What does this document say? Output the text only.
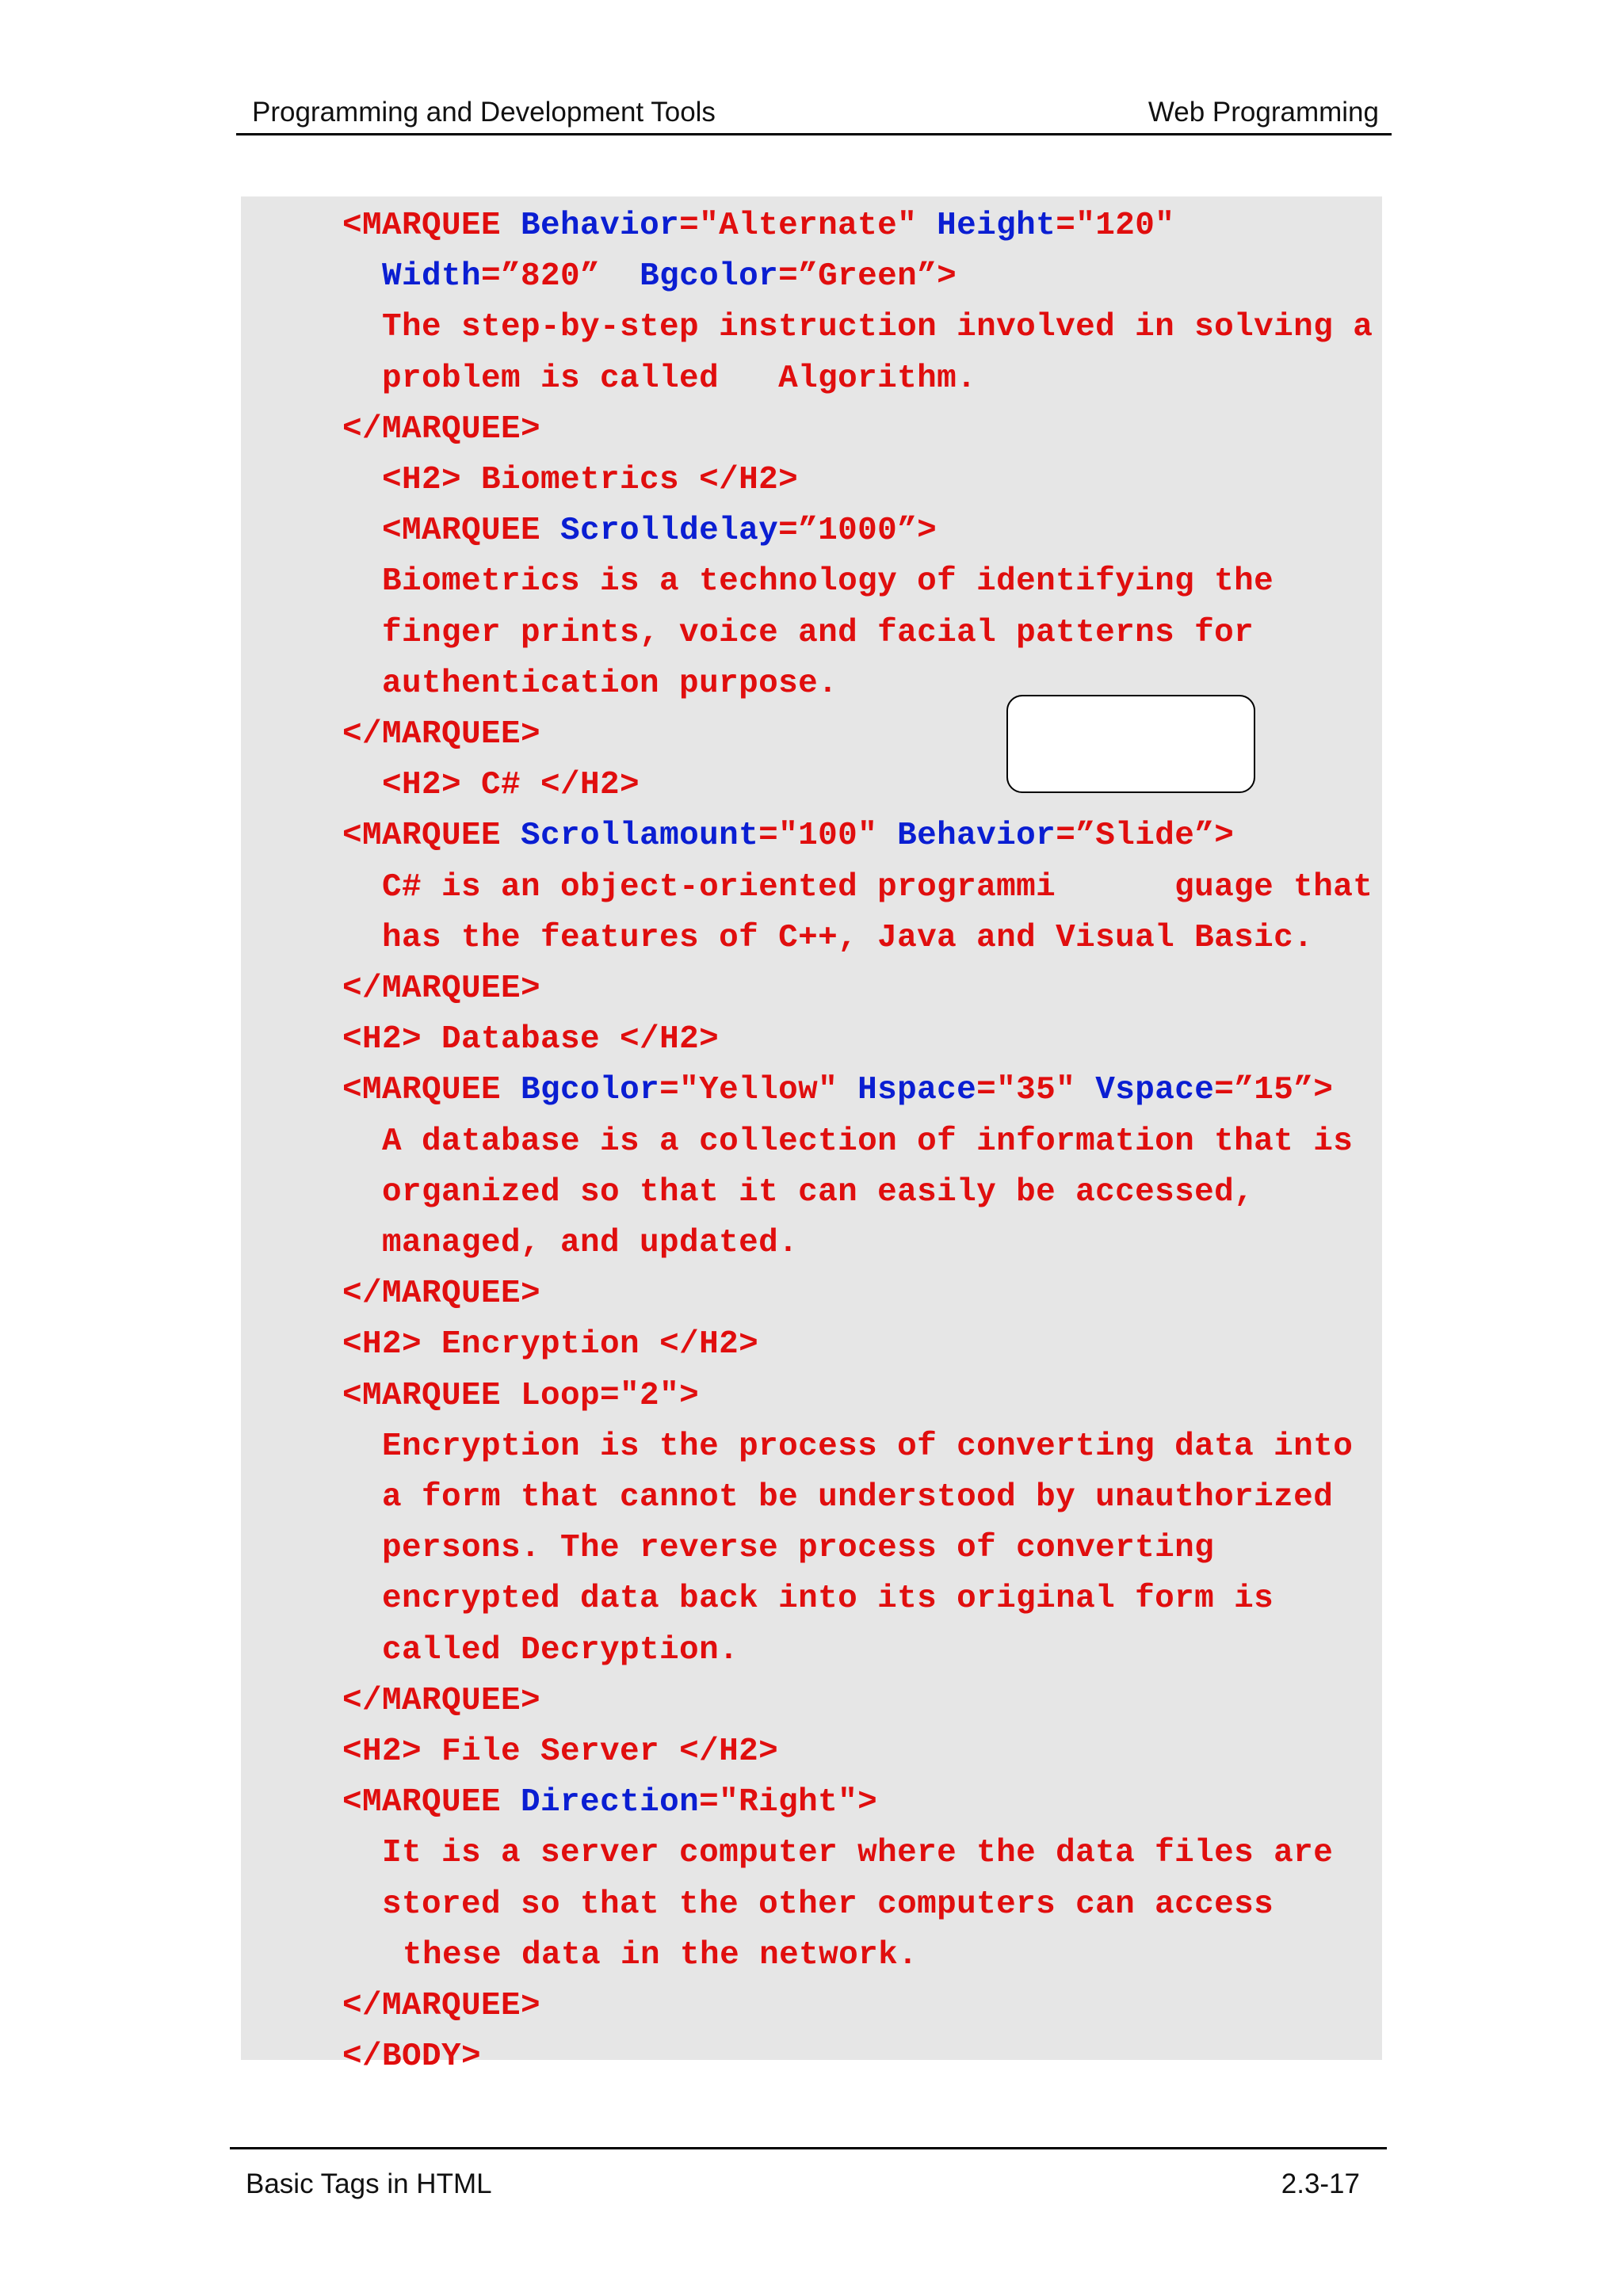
Programming and Development Tools	Web Programming
<MARQUEE Behavior="Alternate" Height="120"
Width=”820”  Bgcolor=”Green”>
The step-by-step instruction involved in solving a
problem is called   Algorithm.
</MARQUEE>
<H2> Biometrics </H2>
<MARQUEE Scrolldelay=”1000”>
Biometrics is a technology of identifying the
finger prints, voice and facial patterns for
authentication purpose.
</MARQUEE>
<H2> C# </H2>
<MARQUEE Scrollamount="100" Behavior=”Slide”>
C# is an object-oriented programmi      guage that
has the features of C++, Java and Visual Basic.
</MARQUEE>
<H2> Database </H2>
<MARQUEE Bgcolor="Yellow" Hspace="35" Vspace=”15”>
A database is a collection of information that is
organized so that it can easily be accessed,
managed, and updated.
</MARQUEE>
<H2> Encryption </H2>
<MARQUEE Loop="2">
Encryption is the process of converting data into
a form that cannot be understood by unauthorized
persons. The reverse process of converting
encrypted data back into its original form is
called Decryption.
</MARQUEE>
<H2> File Server </H2>
<MARQUEE Direction="Right">
It is a server computer where the data files are
stored so that the other computers can access
these data in the network.
</MARQUEE>
</BODY>
Basic Tags in HTML	2.3-17
